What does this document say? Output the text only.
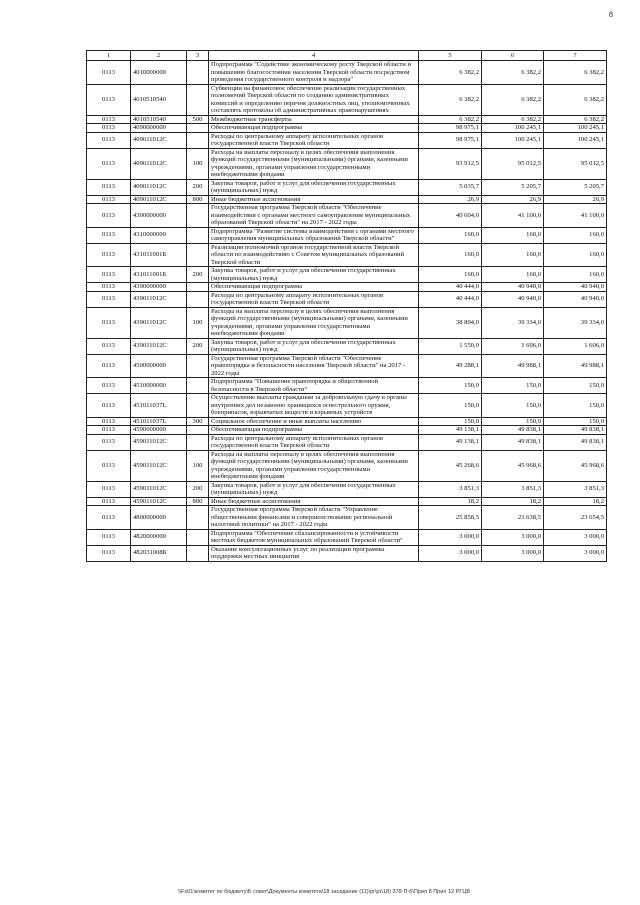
8
1	2	3	4	5	6	7
0113	4010000000		Подпрограмма "Содействие экономическому росту Тверской области и повышению благосостояния населения Тверской области посредством проведения государственного контроля и надзора"	6 382,2	6 382,2	6 382,2
0113	4010510540		Субвенции на финансовое обеспечение реализации государственных полномочий Тверской области по созданию административных комиссий и определению перечня должностных лиц, уполномоченных составлять протоколы об административных правонарушениях	6 382,2	6 382,2	6 382,2
0113	4010510540	500	Межбюджетные трансферты	6 382,2	6 382,2	6 382,2
0113	4090000000		Обеспечивающая подпрограмма	98 975,1	100 245,1	100 245,1
0113	409011012C		Расходы по центральному аппарату исполнительных органов государственной власти Тверской области	98 975,1	100 245,1	100 245,1
0113	409011012C	100	Расходы на выплаты персоналу в целях обеспечения выполнения функций государственными (муниципальными) органами, казенными учреждениями, органами управления государственными внебюджетными фондами	93 912,5	95 012,5	95 012,5
0113	409011012C	200	Закупка товаров, работ и услуг для обеспечения государственных (муниципальных) нужд	5 035,7	5 205,7	5 205,7
0113	409011012C	800	Иные бюджетные ассигнования	26,9	26,9	26,9
0113	4300000000		Государственная программа Тверской области "Обеспечение взаимодействия с органами местного самоуправления муниципальных образований Тверской области" на 2017 - 2022 годы	40 604,0	41 100,0	41 100,0
0113	4310000000		Подпрограмма "Развитие системы взаимодействия с органами местного самоуправления муниципальных образований Тверской области"	160,0	160,0	160,0
0113	431011001Б		Реализация полномочий органов государственной власти Тверской области по взаимодействию с Советом муниципальных образований Тверской области	160,0	160,0	160,0
0113	431011001Б	200	Закупка товаров, работ и услуг для обеспечения государственных (муниципальных) нужд	160,0	160,0	160,0
0113	4390000000		Обеспечивающая подпрограмма	40 444,0	40 940,0	40 940,0
0113	439011012C		Расходы по центральному аппарату исполнительных органов государственной власти Тверской области	40 444,0	40 940,0	40 940,0
0113	439011012C	100	Расходы на выплаты персоналу в целях обеспечения выполнения функций государственными (муниципальными) органами, казенными учреждениями, органами управления государственными внебюджетными фондами	38 894,0	39 334,0	39 334,0
0113	439011012C	200	Закупка товаров, работ и услуг для обеспечения государственных (муниципальных) нужд	1 550,0	1 606,0	1 606,0
0113	4500000000		Государственная программа Тверской области "Обеспечение правопорядка и безопасности населения Тверской области" на 2017 - 2022 годы	49 288,1	49 988,1	49 988,1
0113	4510000000		Подпрограмма "Повышение правопорядка и общественной безопасности в Тверской области"	150,0	150,0	150,0
0113	451011037L		Осуществление выплаты гражданам за добровольную сдачу в органы внутренних дел незаконно хранящихся огнестрельного оружия, боеприпасов, взрывчатых веществ и взрывных устройств	150,0	150,0	150,0
0113	451011037L	300	Социальное обеспечение и иные выплаты населению	150,0	150,0	150,0
0113	4590000000		Обеспечивающая подпрограмма	49 138,1	49 838,1	49 838,1
0113	459011012C		Расходы по центральному аппарату исполнительных органов государственной власти Тверской области	49 138,1	49 838,1	49 838,1
0113	459011012C	100	Расходы на выплаты персоналу в целях обеспечения выполнения функций государственными (муниципальными) органами, казенными учреждениями, органами управления государственными внебюджетными фондами	45 268,6	45 968,6	45 968,6
0113	459011012C	200	Закупка товаров, работ и услуг для обеспечения государственных (муниципальных) нужд	3 851,3	3 851,3	3 851,3
0113	459011012C	800	Иные бюджетные ассигнования	18,2	18,2	18,2
0113	4800000000		Государственная программа Тверской области "Управление общественными финансами и совершенствование региональной налоговой политики" на 2017 - 2022 годы	25 858,5	23 638,5	23 654,5
0113	4820000000		Подпрограмма "Обеспечение сбалансированности и устойчивости местных бюджетов муниципальных образований Тверской области"	3 000,0	3 000,0	3 000,0
0113	482031008Б		Оказание консультационных услуг по реализации программы поддержки местных инициатив	3 000,0	3 000,0	3 000,0
\\Fs01\комитет по бюджету\Б совет\Документы комитета\18 заседание (11)\pr\pr\18) 378-П-6\Прил 8 Прил 12 РГЦВ
